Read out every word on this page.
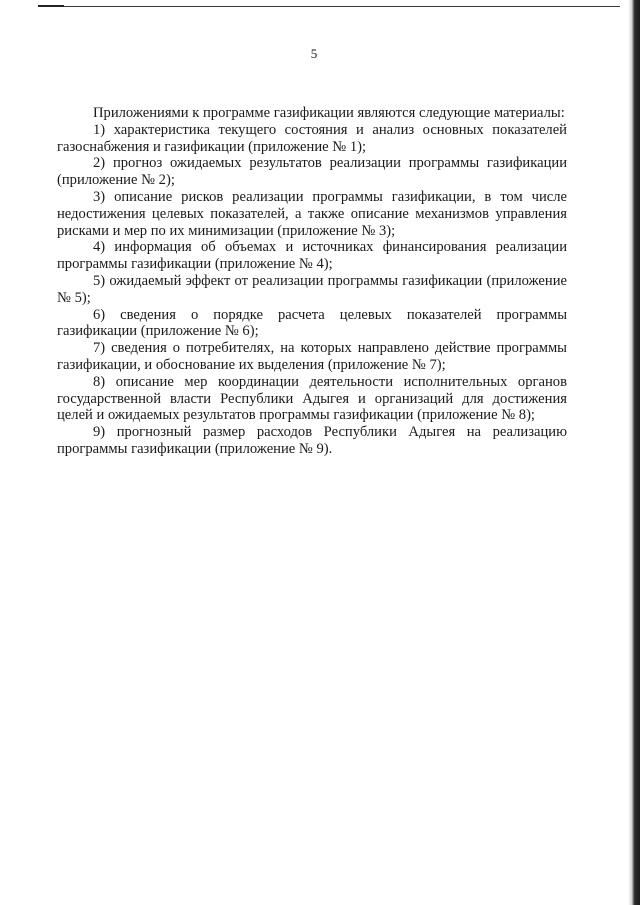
5

Приложениями к программе газификации являются следующие материалы:

1) характеристика текущего состояния и анализ основных показателей газоснабжения и газификации (приложение № 1);

2) прогноз ожидаемых результатов реализации программы газификации (приложение № 2);

3) описание рисков реализации программы газификации, в том числе недостижения целевых показателей, а также описание механизмов управления рисками и мер по их минимизации (приложение № 3);

4) информация об объемах и источниках финансирования реализации программы газификации (приложение № 4);

5) ожидаемый эффект от реализации программы газификации (приложение № 5);

6) сведения о порядке расчета целевых показателей программы газификации (приложение № 6);

7) сведения о потребителях, на которых направлено действие программы газификации, и обоснование их выделения (приложение № 7);

8) описание мер координации деятельности исполнительных органов государственной власти Республики Адыгея и организаций для достижения целей и ожидаемых результатов программы газификации (приложение № 8);

9) прогнозный размер расходов Республики Адыгея на реализацию программы газификации (приложение № 9).
